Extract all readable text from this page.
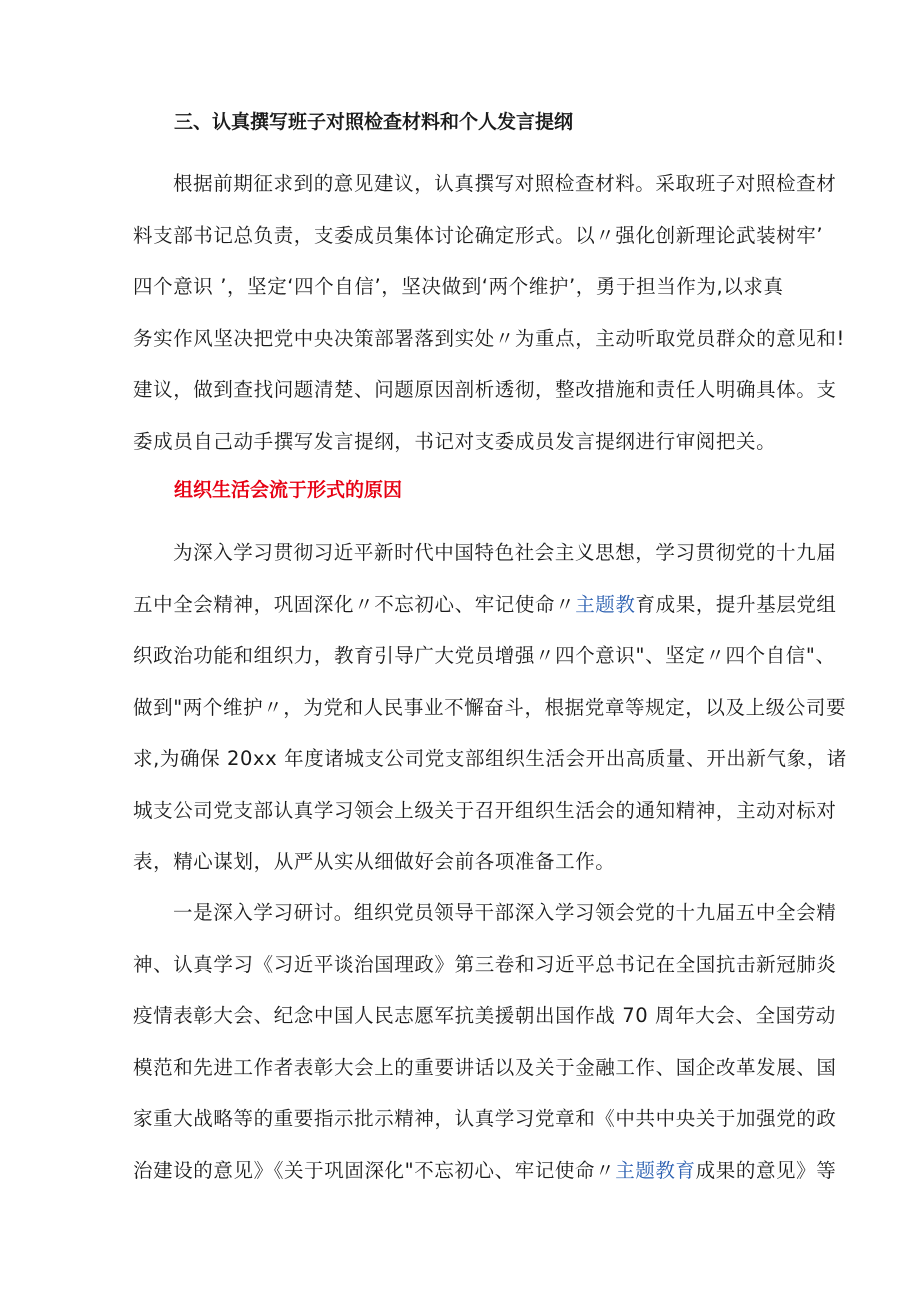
三、认真撰写班子对照检查材料和个人发言提纲
根据前期征求到的意见建议，认真撰写对照检查材料。采取班子对照检查材
料支部书记总负责，支委成员集体讨论确定形式。以〃强化创新理论武装树牢’
四个意识 ’，坚定‘四个自信’，坚决做到‘两个维护’，勇于担当作为,以求真
务实作风坚决把党中央决策部署落到实处〃为重点，主动听取党员群众的意见和!
建议，做到查找问题清楚、问题原因剖析透彻，整改措施和责任人明确具体。支
委成员自己动手撰写发言提纲，书记对支委成员发言提纲进行审阅把关。
组织生活会流于形式的原因
为深入学习贯彻习近平新时代中国特色社会主义思想，学习贯彻党的十九届
五中全会精神，巩固深化〃不忘初心、牢记使命〃主题教育成果，提升基层党组
织政治功能和组织力，教育引导广大党员增强〃四个意识"、坚定〃四个自信"、
做到"两个维护〃，为党和人民事业不懈奋斗，根据党章等规定，以及上级公司要
求,为确保 20xx 年度诸城支公司党支部组织生活会开出高质量、开出新气象，诸
城支公司党支部认真学习领会上级关于召开组织生活会的通知精神，主动对标对
表，精心谋划，从严从实从细做好会前各项准备工作。
一是深入学习研讨。组织党员领导干部深入学习领会党的十九届五中全会精
神、认真学习《习近平谈治国理政》第三卷和习近平总书记在全国抗击新冠肺炎
疫情表彰大会、纪念中国人民志愿军抗美援朝出国作战 70 周年大会、全国劳动
模范和先进工作者表彰大会上的重要讲话以及关于金融工作、国企改革发展、国
家重大战略等的重要指示批示精神，认真学习党章和《中共中央关于加强党的政
治建设的意见》《关于巩固深化"不忘初心、牢记使命〃主题教育成果的意见》等
